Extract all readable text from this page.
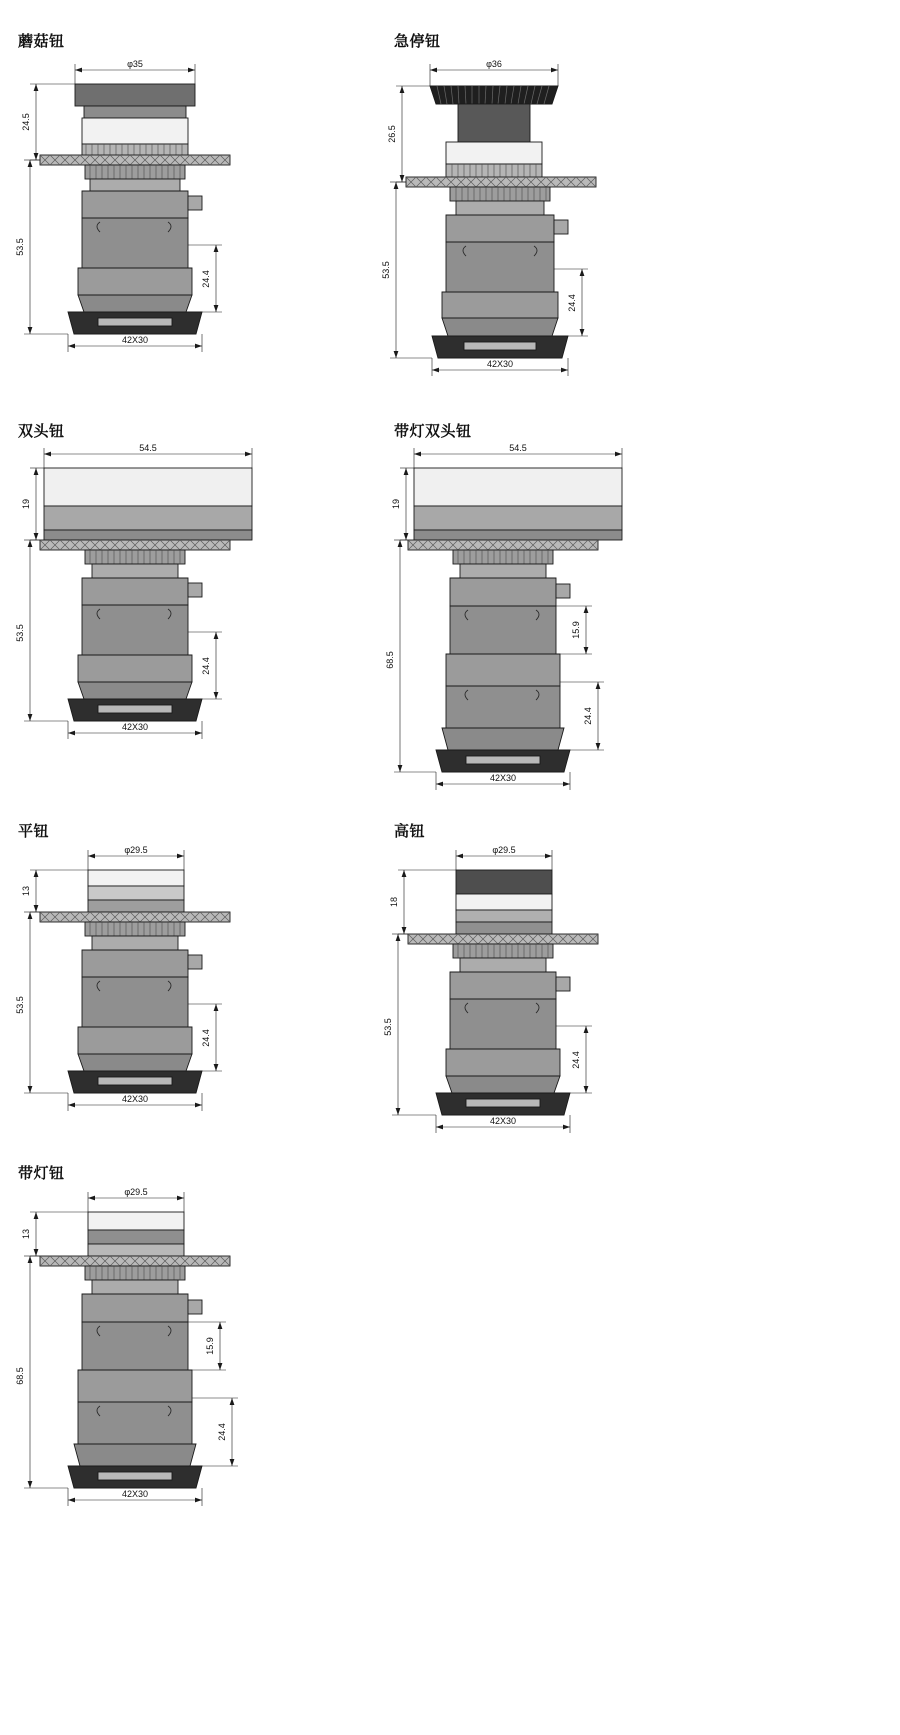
蘑菇钮
φ35
24.5
53.5
24.4
42X30
急停钮
φ36
26.5
53.5
24.4
42X30
双头钮
54.5
19
53.5
24.4
42X30
带灯双头钮
54.5
19
68.5
15.9
24.4
42X30
平钮
φ29.5
13
53.5
24.4
42X30
高钮
φ29.5
18
53.5
24.4
42X30
带灯钮
φ29.5
13
68.5
15.9
24.4
42X30
